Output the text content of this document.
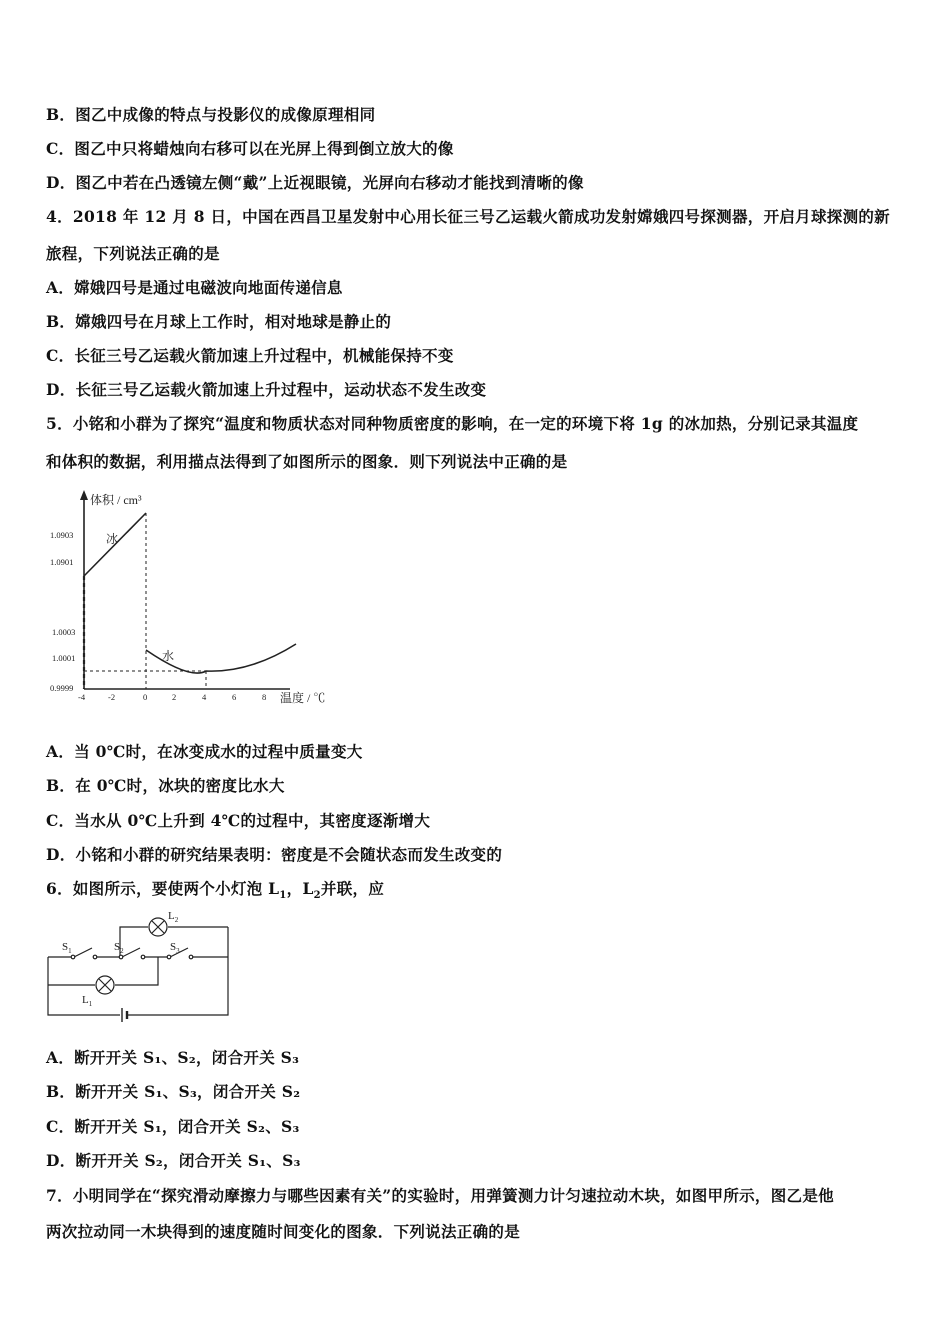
B．图乙中成像的特点与投影仪的成像原理相同
C．图乙中只将蜡烛向右移可以在光屏上得到倒立放大的像
D．图乙中若在凸透镜左侧“戴”上近视眼镜，光屏向右移动才能找到清晰的像
4．2018 年 12 月 8 日，中国在西昌卫星发射中心用长征三号乙运载火箭成功发射嫦娥四号探测器，开启月球探测的新
旅程，下列说法正确的是
A．嫦娥四号是通过电磁波向地面传递信息
B．嫦娥四号在月球上工作时，相对地球是静止的
C．长征三号乙运载火箭加速上升过程中，机械能保持不变
D．长征三号乙运载火箭加速上升过程中，运动状态不发生改变
5．小铭和小群为了探究“温度和物质状态对同种物质密度的影响，在一定的环境下将 1g 的冰加热，分别记录其温度
和体积的数据，利用描点法得到了如图所示的图象．则下列说法中正确的是
体积 / cm³
温度 / ℃
1.0903
1.0901
1.0003
1.0001
0.9999
-4	-2	0	2	4	6	8
冰
水
A．当 0℃时，在冰变成水的过程中质量变大
B．在 0℃时，冰块的密度比水大
C．当水从 0℃上升到 4℃的过程中，其密度逐渐增大
D．小铭和小群的研究结果表明：密度是不会随状态而发生改变的
6．如图所示，要使两个小灯泡 $L_1$，$L_2$并联，应
$S_1$	$S_2$	$S_3$
$L_2$
$L_1$
A．断开开关 S₁、S₂，闭合开关 S₃
B．断开开关 S₁、S₃，闭合开关 S₂
C．断开开关 S₁，闭合开关 S₂、S₃
D．断开开关 S₂，闭合开关 S₁、S₃
7．小明同学在“探究滑动摩擦力与哪些因素有关”的实验时，用弹簧测力计匀速拉动木块，如图甲所示，图乙是他
两次拉动同一木块得到的速度随时间变化的图象．下列说法正确的是
